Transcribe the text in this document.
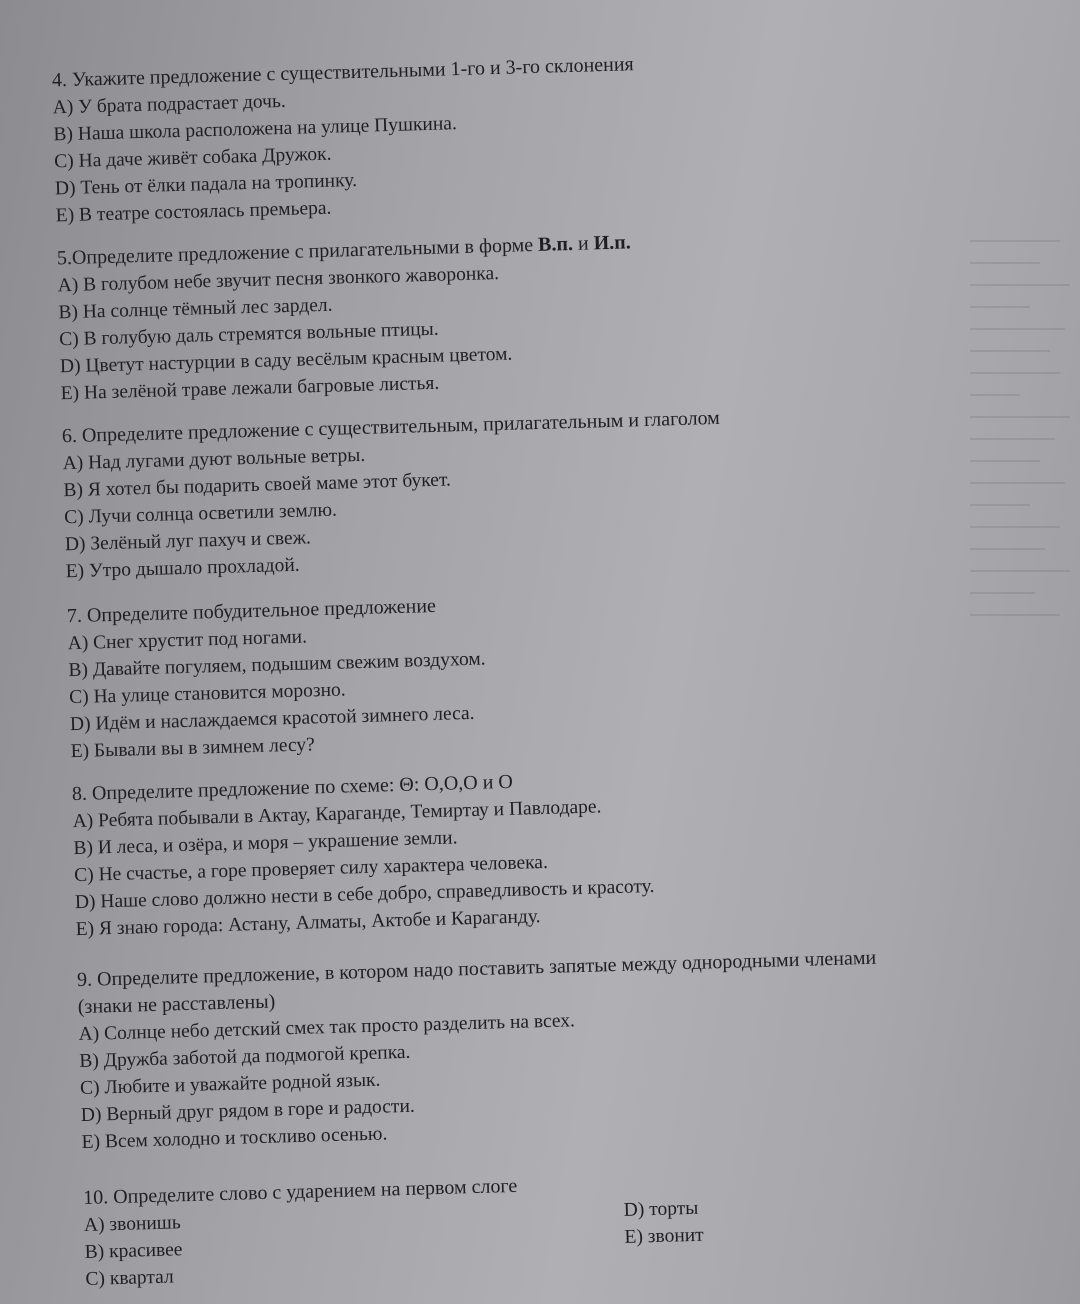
4. Укажите предложение с существительными 1-го и 3-го склонения
A) У брата подрастает дочь.
B) Наша школа расположена на улице Пушкина.
C) На даче живёт собака Дружок.
D) Тень от ёлки падала на тропинку.
E) В театре состоялась премьера.
5.Определите предложение с прилагательными в форме В.п. и И.п.
A) В голубом небе звучит песня звонкого жаворонка.
B) На солнце тёмный лес зардел.
C) В голубую даль стремятся вольные птицы.
D) Цветут настурции в саду весёлым красным цветом.
E) На зелёной траве лежали багровые листья.
6. Определите предложение с существительным, прилагательным и глаголом
A) Над лугами дуют вольные ветры.
B) Я хотел бы подарить своей маме этот букет.
C) Лучи солнца осветили землю.
D) Зелёный луг пахуч и свеж.
E) Утро дышало прохладой.
7. Определите побудительное предложение
A) Снег хрустит под ногами.
B) Давайте погуляем, подышим свежим воздухом.
C) На улице становится морозно.
D) Идём и наслаждаемся красотой зимнего леса.
E) Бывали вы в зимнем лесу?
8. Определите предложение по схеме: Θ: О,О,О и О
A) Ребята побывали в Актау, Караганде, Темиртау и Павлодаре.
B) И леса, и озёра, и моря – украшение земли.
C) Не счастье, а горе проверяет силу характера человека.
D) Наше слово должно нести в себе добро, справедливость и красоту.
E) Я знаю города: Астану, Алматы, Актобе и Караганду.
9. Определите предложение, в котором надо поставить запятые между однородными членами
(знаки не расставлены)
A) Солнце небо детский смех так просто разделить на всех.
B) Дружба заботой да подмогой крепка.
C) Любите и уважайте родной язык.
D) Верный друг рядом в горе и радости.
E) Всем холодно и тоскливо осенью.
10. Определите слово с ударением на первом слоге
A) звонишь
B) красивее
C) квартал
D) торты
E) звонит
